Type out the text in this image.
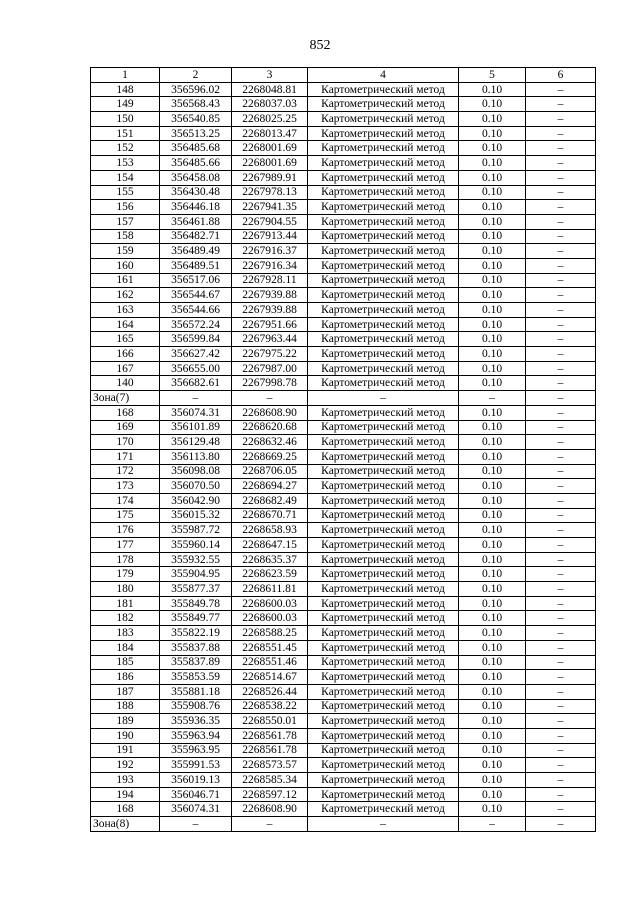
852
1	2	3	4	5	6
148	356596.02	2268048.81	Картометрический метод	0.10	–
149	356568.43	2268037.03	Картометрический метод	0.10	–
150	356540.85	2268025.25	Картометрический метод	0.10	–
151	356513.25	2268013.47	Картометрический метод	0.10	–
152	356485.68	2268001.69	Картометрический метод	0.10	–
153	356485.66	2268001.69	Картометрический метод	0.10	–
154	356458.08	2267989.91	Картометрический метод	0.10	–
155	356430.48	2267978.13	Картометрический метод	0.10	–
156	356446.18	2267941.35	Картометрический метод	0.10	–
157	356461.88	2267904.55	Картометрический метод	0.10	–
158	356482.71	2267913.44	Картометрический метод	0.10	–
159	356489.49	2267916.37	Картометрический метод	0.10	–
160	356489.51	2267916.34	Картометрический метод	0.10	–
161	356517.06	2267928.11	Картометрический метод	0.10	–
162	356544.67	2267939.88	Картометрический метод	0.10	–
163	356544.66	2267939.88	Картометрический метод	0.10	–
164	356572.24	2267951.66	Картометрический метод	0.10	–
165	356599.84	2267963.44	Картометрический метод	0.10	–
166	356627.42	2267975.22	Картометрический метод	0.10	–
167	356655.00	2267987.00	Картометрический метод	0.10	–
140	356682.61	2267998.78	Картометрический метод	0.10	–
Зона(7)	–	–	–	–	–
168	356074.31	2268608.90	Картометрический метод	0.10	–
169	356101.89	2268620.68	Картометрический метод	0.10	–
170	356129.48	2268632.46	Картометрический метод	0.10	–
171	356113.80	2268669.25	Картометрический метод	0.10	–
172	356098.08	2268706.05	Картометрический метод	0.10	–
173	356070.50	2268694.27	Картометрический метод	0.10	–
174	356042.90	2268682.49	Картометрический метод	0.10	–
175	356015.32	2268670.71	Картометрический метод	0.10	–
176	355987.72	2268658.93	Картометрический метод	0.10	–
177	355960.14	2268647.15	Картометрический метод	0.10	–
178	355932.55	2268635.37	Картометрический метод	0.10	–
179	355904.95	2268623.59	Картометрический метод	0.10	–
180	355877.37	2268611.81	Картометрический метод	0.10	–
181	355849.78	2268600.03	Картометрический метод	0.10	–
182	355849.77	2268600.03	Картометрический метод	0.10	–
183	355822.19	2268588.25	Картометрический метод	0.10	–
184	355837.88	2268551.45	Картометрический метод	0.10	–
185	355837.89	2268551.46	Картометрический метод	0.10	–
186	355853.59	2268514.67	Картометрический метод	0.10	–
187	355881.18	2268526.44	Картометрический метод	0.10	–
188	355908.76	2268538.22	Картометрический метод	0.10	–
189	355936.35	2268550.01	Картометрический метод	0.10	–
190	355963.94	2268561.78	Картометрический метод	0.10	–
191	355963.95	2268561.78	Картометрический метод	0.10	–
192	355991.53	2268573.57	Картометрический метод	0.10	–
193	356019.13	2268585.34	Картометрический метод	0.10	–
194	356046.71	2268597.12	Картометрический метод	0.10	–
168	356074.31	2268608.90	Картометрический метод	0.10	–
Зона(8)	–	–	–	–	–
